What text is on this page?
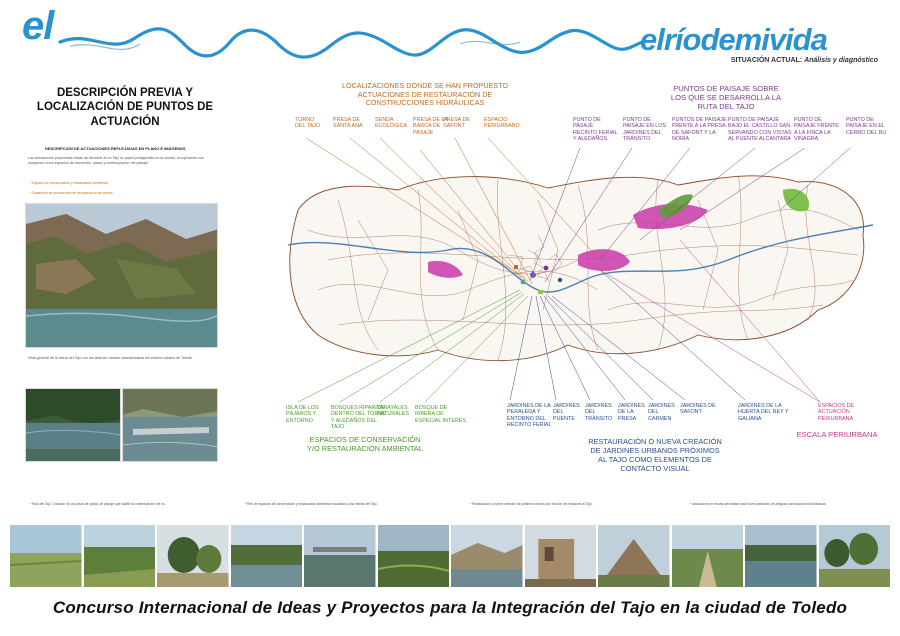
el	elríodemivida
SITUACIÓN ACTUAL: Análisis y diagnóstico
DESCRIPCIÓN PREVIA Y
LOCALIZACIÓN DE PUNTOS DE
ACTUACIÓN
DESCRIPCIÓN DE ACTUACIONES REFLEJADAS EN PLANO E IMÁGENES
Las actuaciones propuestas tratan de devolver al río Tajo su papel protagonista en la ciudad, recuperando sus márgenes como espacios de encuentro, paseo y contemplación del paisaje.
* Espacio de conservación y restauración ambiental.
* Desarrollo de actuaciones de recuperación de riberas.
Vista general de la ribera del Tajo con las laderas rocosas características del entorno urbano de Toledo.
LOCALIZACIONES DONDE SE HAN PROPUESTO
ACTUACIONES DE RESTAURACIÓN DE
CONSTRUCCIONES HIDRÁULICAS
PUNTOS DE PAISAJE SOBRE
LOS QUE SE DESARROLLA LA
RUTA DEL TAJO
ESPACIOS DE CONSERVACIÓN
Y/O RESTAURACIÓN AMBIENTAL
RESTAURACIÓN O NUEVA CREACIÓN
DE JARDINES URBANOS PRÓXIMOS
AL TAJO COMO ELEMENTOS DE
CONTACTO VISUAL
ESCALA PERIURBANA
TORNO
DEL TAJO
PRESA DE
SANTA ANA
SENDA
ECOLÓGICA
PRESA DE LA
BARCA DE
PASAJE
PRESA DE
SAFONT
ESPACIO
PERIURBANO
PUNTO DE
PASAJE
RECINTO FERIAL
Y ALEDAÑOS
PUNTO DE
PAISAJE EN LOS
JARDINES DEL
TRÁNSITO
PUNTOS DE PAISAJE
FRENTE A LA PRESA
DE SAFONT Y LA
NORIA
PUNTO DE PAISAJE
BAJO EL CASTILLO SAN
SERVANDO CON VISTAS
AL PUENTE ALCANTARA
PUNTO DE
PAISAJE FRENTE
A LA FINCA LA
VINAGRA
PUNTO DE
PAISAJE EN EL
CERRO DEL BU
ISLA DE LOS
PÁJAROS Y
ENTORNO
BOSQUES RIPARIOS
DENTRO DEL TORNO
Y ALEDAÑOS DEL
TAJO
TARAYALES
NATURALES
BOSQUE DE
RIBERA DE
ESPECIAL INTERÉS
JARDINES DE LA
PERALEDA Y
ENTORNO DEL
RECINTO FERIAL
JARDINES
DEL
PUENTE
JARDINES
DEL
TRÁNSITO
JARDINES
DE LA
PRESA
JARDINES
DEL
CARMEN
JARDINES DE
SAFONT
JARDINES DE LA
HUERTA DEL REY Y
GALIANA
ESPACIOS DE
ACTUACIÓN
PERIURBANA
* Ruta del Tajo. Creación de una traza de puntos de paisaje que facilite la contemplación del río.	* Red de espacios de conservación y restauración ambiental vinculados a las riberas del Tajo.	* Restauración o nueva creación de jardines urbanos con función de miradores al Tajo.	* Actuaciones en escala periurbana para la recuperación de antiguas construcciones hidráulicas.
Concurso Internacional de Ideas y Proyectos para la Integración del Tajo en la ciudad de Toledo
